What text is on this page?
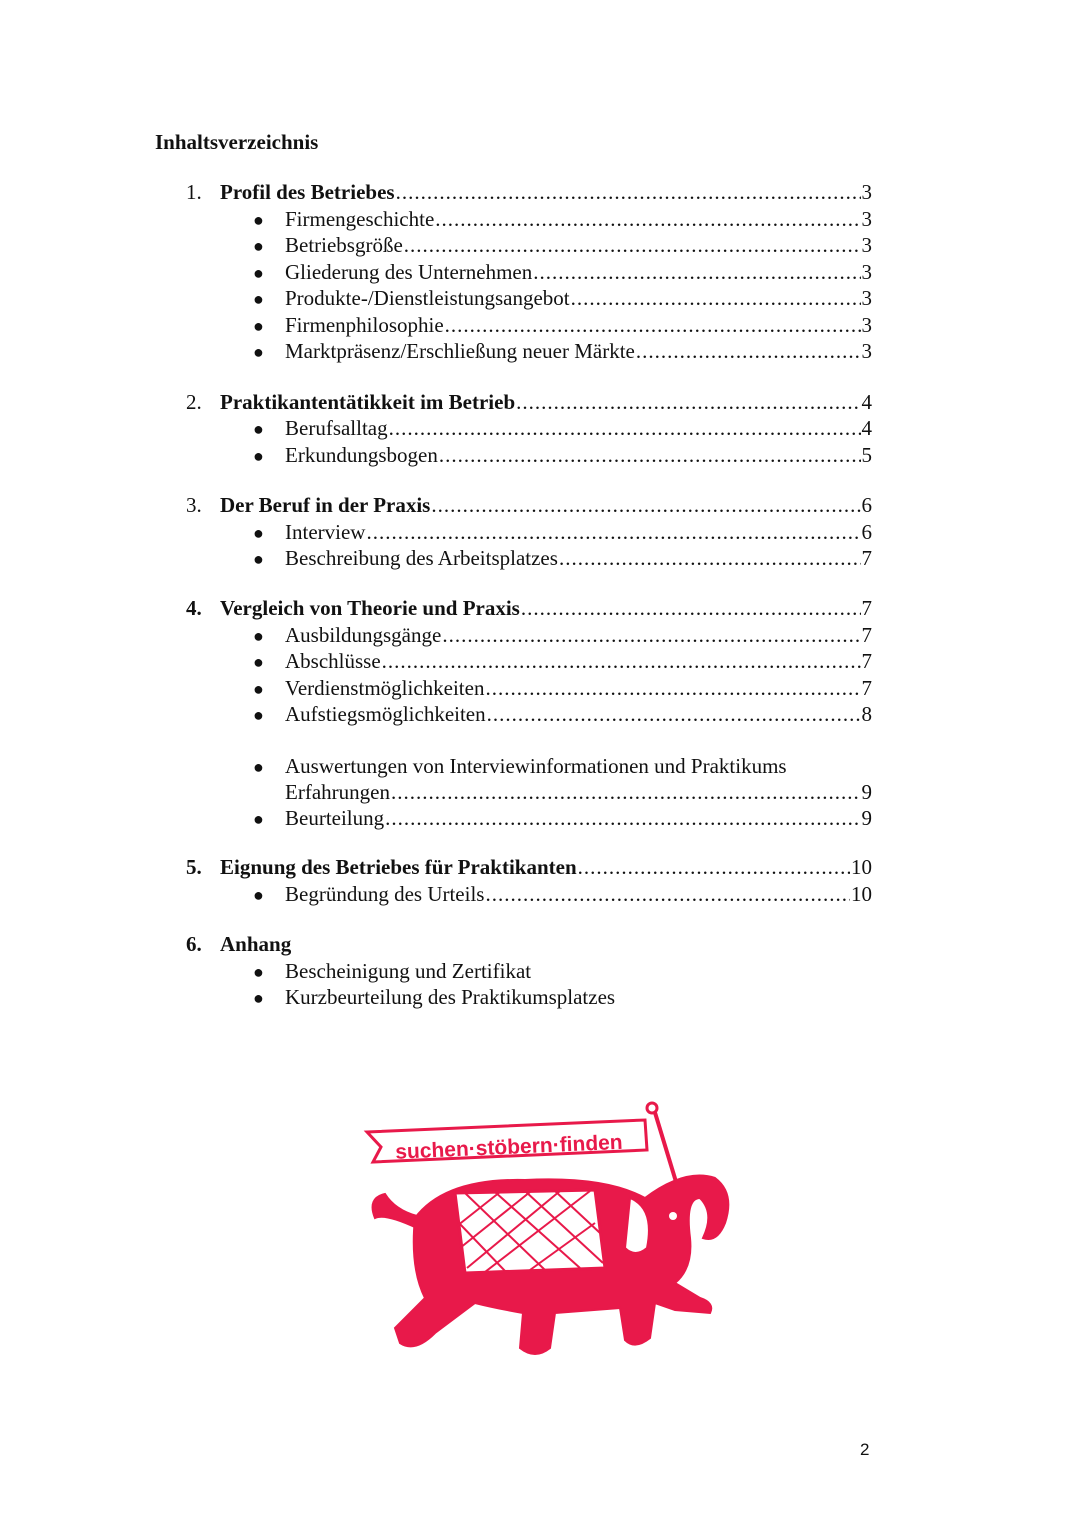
Inhaltsverzeichnis
1. Profil des Betriebes .....	3
●	Firmengeschichte .....	3
●	Betriebsgröße .....	3
●	Gliederung des Unternehmen .....	3
●	Produkte-/Dienstleistungsangebot .....	3
●	Firmenphilosophie .....	3
●	Marktpräsenz/Erschließung neuer Märkte .....	3
2. Praktikantentätikkeit im Betrieb .....	4
●	Berufsalltag .....	4
●	Erkundungsbogen .....	5
3. Der Beruf in der Praxis .....	6
●	Interview .....	6
●	Beschreibung des Arbeitsplatzes .....	7
4. Vergleich von Theorie und Praxis .....	7
●	Ausbildungsgänge .....	7
●	Abschlüsse .....	7
●	Verdienstmöglichkeiten .....	7
●	Aufstiegsmöglichkeiten .....	8
●	Auswertungen von Interviewinformationen und Praktikums
Erfahrungen .....	9
●	Beurteilung .....	9
5. Eignung des Betriebes für Praktikanten .....	10
●	Begründung des Urteils .....	10
6. Anhang
●	Bescheinigung und Zertifikat
●	Kurzbeurteilung des Praktikumsplatzes
suchen·stöbern·finden
2
